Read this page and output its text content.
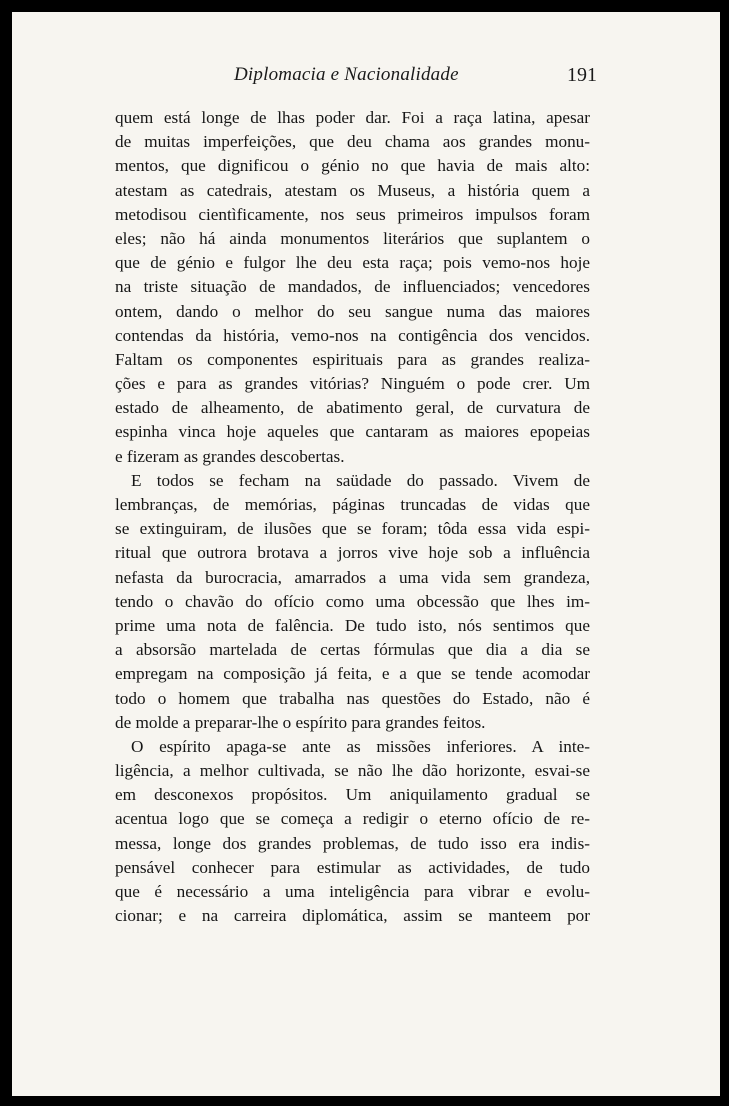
Diplomacia e Nacionalidade	191
quem está longe de lhas poder dar. Foi a raça latina, apesar
de muitas imperfeições, que deu chama aos grandes monu-
mentos, que dignificou o génio no que havia de mais alto:
atestam as catedrais, atestam os Museus, a história quem a
metodisou cientìficamente, nos seus primeiros impulsos foram
eles; não há ainda monumentos literários que suplantem o
que de génio e fulgor lhe deu esta raça; pois vemo-nos hoje
na triste situação de mandados, de influenciados; vencedores
ontem, dando o melhor do seu sangue numa das maiores
contendas da história, vemo-nos na contigência dos vencidos.
Faltam os componentes espirituais para as grandes realiza-
ções e para as grandes vitórias? Ninguém o pode crer. Um
estado de alheamento, de abatimento geral, de curvatura de
espinha vinca hoje aqueles que cantaram as maiores epopeias
e fizeram as grandes descobertas.
E todos se fecham na saüdade do passado. Vivem de
lembranças, de memórias, páginas truncadas de vidas que
se extinguiram, de ilusões que se foram; tôda essa vida espi-
ritual que outrora brotava a jorros vive hoje sob a influência
nefasta da burocracia, amarrados a uma vida sem grandeza,
tendo o chavão do ofício como uma obcessão que lhes im-
prime uma nota de falência. De tudo isto, nós sentimos que
a absorsão martelada de certas fórmulas que dia a dia se
empregam na composição já feita, e a que se tende acomodar
todo o homem que trabalha nas questões do Estado, não é
de molde a preparar-lhe o espírito para grandes feitos.
O espírito apaga-se ante as missões inferiores. A inte-
ligência, a melhor cultivada, se não lhe dão horizonte, esvai-se
em desconexos propósitos. Um aniquilamento gradual se
acentua logo que se começa a redigir o eterno ofício de re-
messa, longe dos grandes problemas, de tudo isso era indis-
pensável conhecer para estimular as actividades, de tudo
que é necessário a uma inteligência para vibrar e evolu-
cionar; e na carreira diplomática, assim se manteem por
